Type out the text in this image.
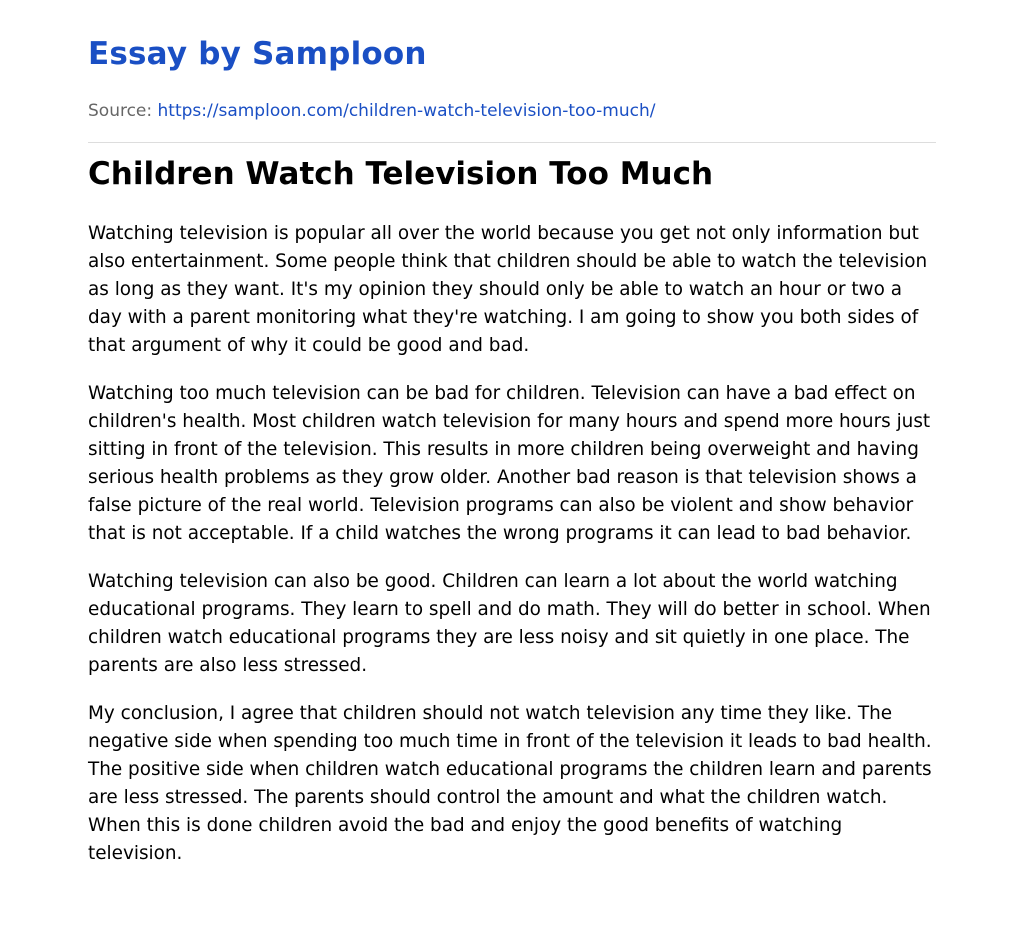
Essay by Samploon
Source: https://samploon.com/children-watch-television-too-much/
Children Watch Television Too Much

Watching television is popular all over the world because you get not only information but also entertainment. Some people think that children should be able to watch the television as long as they want. It's my opinion they should only be able to watch an hour or two a day with a parent monitoring what they're watching. I am going to show you both sides of that argument of why it could be good and bad.

Watching too much television can be bad for children. Television can have a bad effect on children's health. Most children watch television for many hours and spend more hours just sitting in front of the television. This results in more children being overweight and having serious health problems as they grow older. Another bad reason is that television shows a false picture of the real world. Television programs can also be violent and show behavior that is not acceptable. If a child watches the wrong programs it can lead to bad behavior.

Watching television can also be good. Children can learn a lot about the world watching educational programs. They learn to spell and do math. They will do better in school. When children watch educational programs they are less noisy and sit quietly in one place. The parents are also less stressed.

My conclusion, I agree that children should not watch television any time they like. The negative side when spending too much time in front of the television it leads to bad health. The positive side when children watch educational programs the children learn and parents are less stressed. The parents should control the amount and what the children watch. When this is done children avoid the bad and enjoy the good benefits of watching television.
